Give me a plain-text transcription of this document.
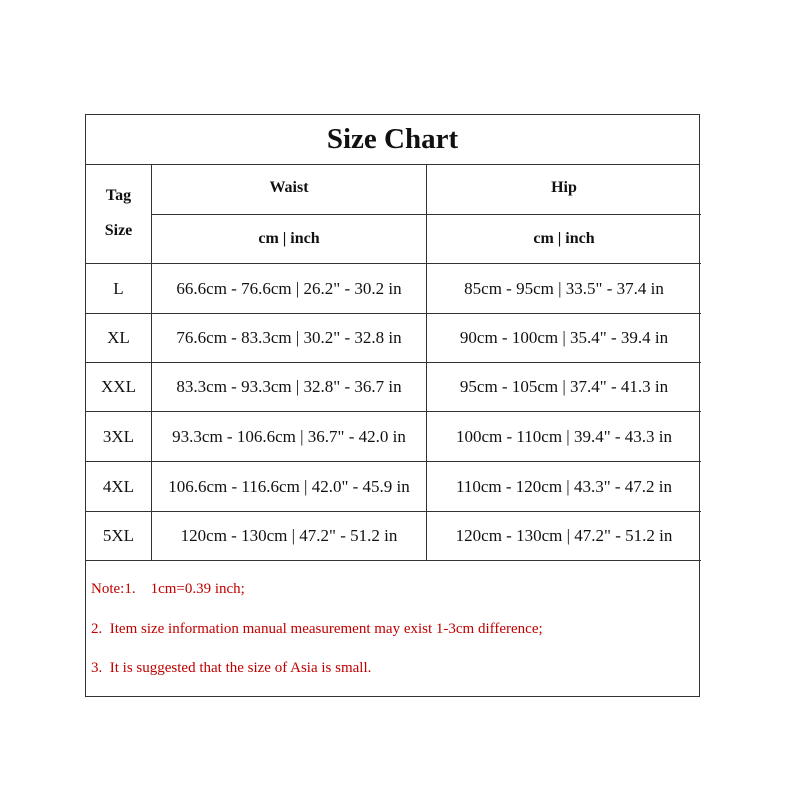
Size Chart
Tag
Size
Waist	Hip
cm | inch	cm | inch
L	66.6cm - 76.6cm | 26.2" - 30.2 in	85cm - 95cm | 33.5" - 37.4 in
XL	76.6cm - 83.3cm | 30.2" - 32.8 in	90cm - 100cm | 35.4" - 39.4 in
XXL	83.3cm - 93.3cm | 32.8" - 36.7 in	95cm - 105cm | 37.4" - 41.3 in
3XL	93.3cm - 106.6cm | 36.7" - 42.0 in	100cm - 110cm | 39.4" - 43.3 in
4XL	106.6cm - 116.6cm | 42.0" - 45.9 in	110cm - 120cm | 43.3" - 47.2 in
5XL	120cm - 130cm | 47.2" - 51.2 in	120cm - 130cm | 47.2" - 51.2 in
Note:1.    1cm=0.39 inch;
2.  Item size information manual measurement may exist 1-3cm difference;
3.  It is suggested that the size of Asia is small.
